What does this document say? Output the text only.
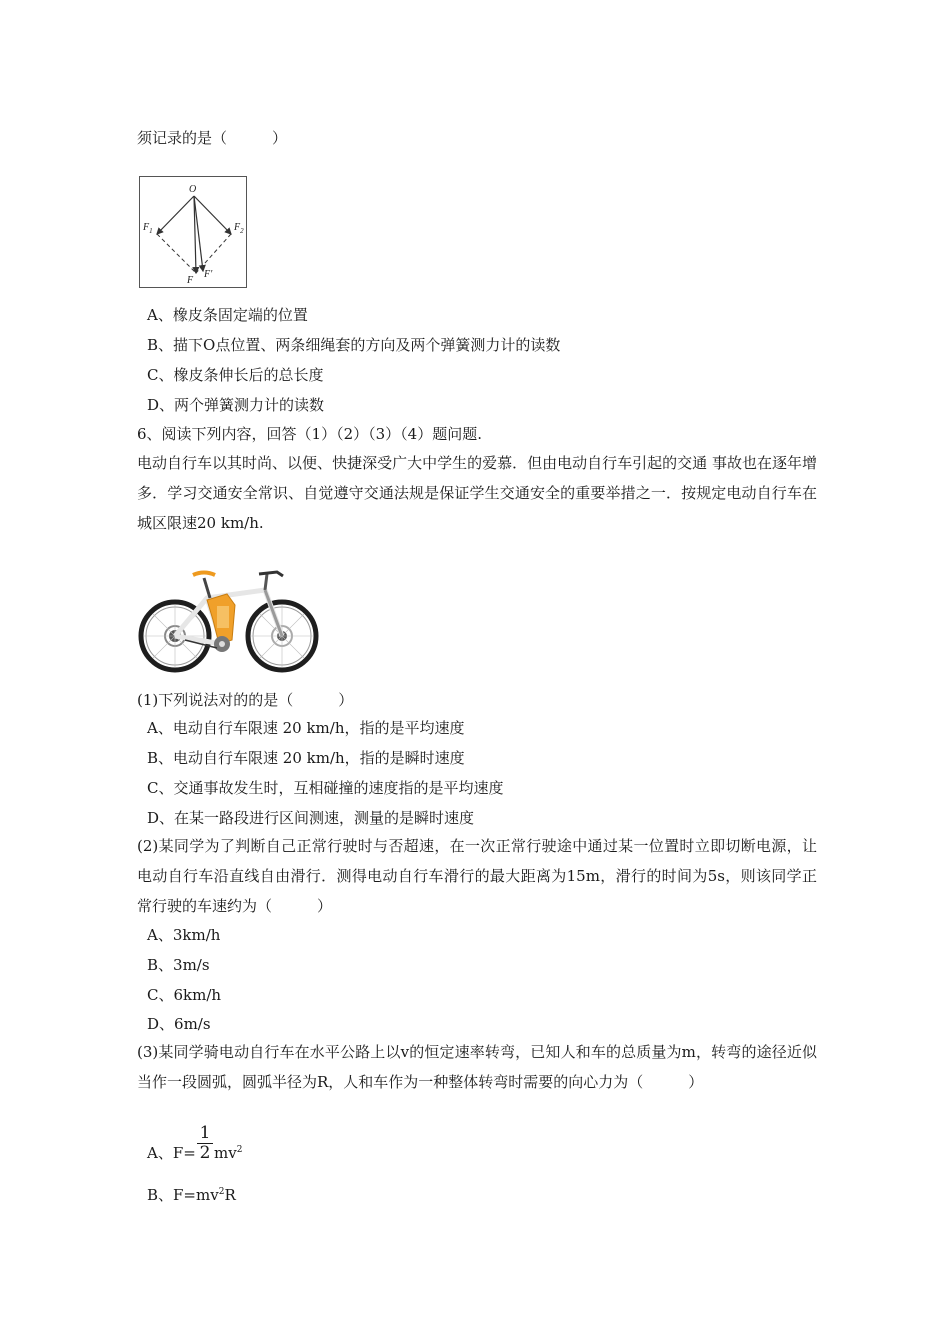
须记录的是（　　　）
O
$F_1$	$F_2$
F
F'
A、橡皮条固定端的位置
B、描下O点位置、两条细绳套的方向及两个弹簧测力计的读数
C、橡皮条伸长后的总长度
D、两个弹簧测力计的读数
6、阅读下列内容，回答（1）（2）（3）（4）题问题.
电动自行车以其时尚、以便、快捷深受广大中学生的爱慕．但由电动自行车引起的交通 事故也在逐年增多．学习交通安全常识、自觉遵守交通法规是保证学生交通安全的重要举措之一．按规定电动自行车在城区限速20 km/h.
(1)下列说法对的的是（　　　）
A、电动自行车限速 20 km/h，指的是平均速度
B、电动自行车限速 20 km/h，指的是瞬时速度
C、交通事故发生时，互相碰撞的速度指的是平均速度
D、在某一路段进行区间测速，测量的是瞬时速度
(2)某同学为了判断自己正常行驶时与否超速，在一次正常行驶途中通过某一位置时立即切断电源，让电动自行车沿直线自由滑行．测得电动自行车滑行的最大距离为15m，滑行的时间为5s，则该同学正常行驶的车速约为（　　　）
A、3km/h
B、3m/s
C、6km/h
D、6m/s
(3)某同学骑电动自行车在水平公路上以v的恒定速率转弯，已知人和车的总质量为m，转弯的途径近似当作一段圆弧，圆弧半径为R，人和车作为一种整体转弯时需要的向心力为（　　　）
A、$F= \frac{1}{2} mv^2$
B、$F=mv^2R$
